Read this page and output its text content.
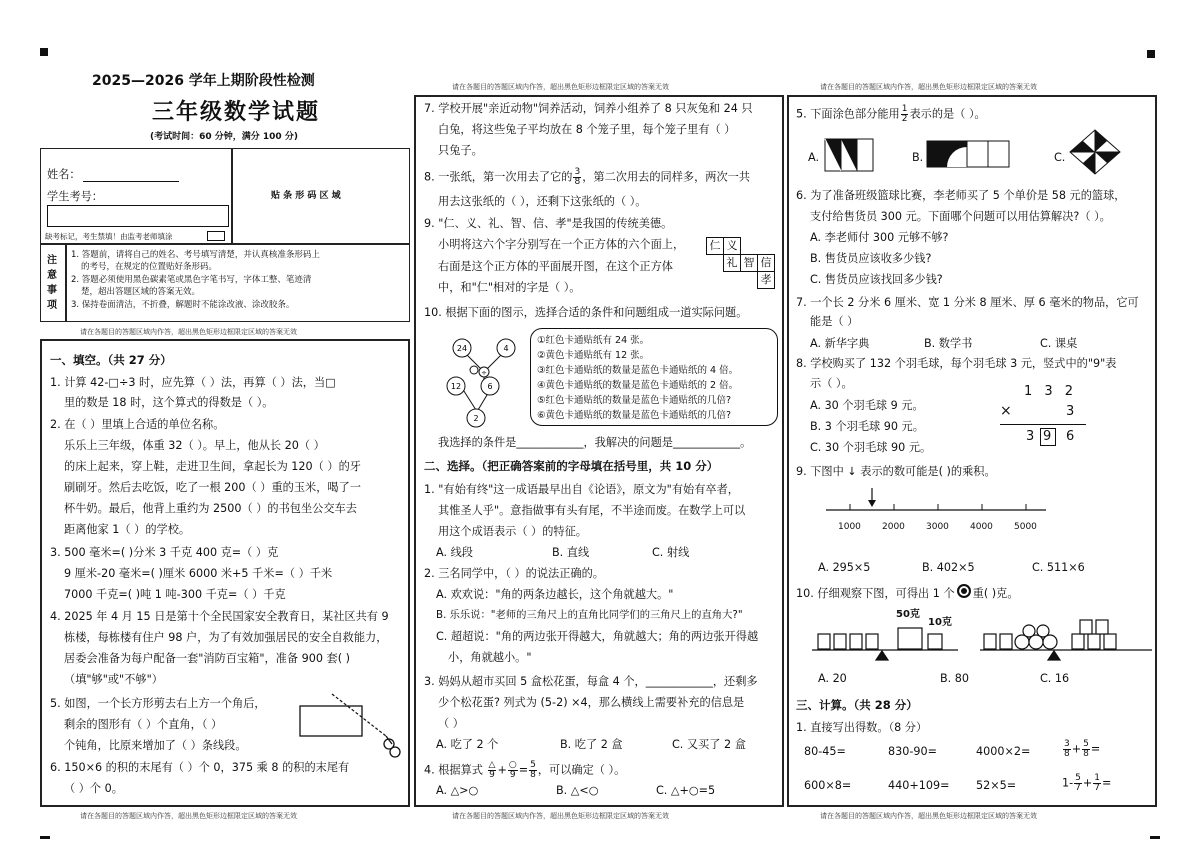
2025—2026 学年上期阶段性检测
三年级数学试题
(考试时间：60 分钟，满分 100 分)
姓名：
学生考号：
缺考标记，考生禁填！由监考老师填涂
贴 条 形 码 区 域
注意事项
1. 答题前，请将自己的姓名、考号填写清楚，并认真核准条形码上
的考号，在规定的位置贴好条形码。
2. 答题必须使用黑色碳素笔或黑色字笔书写，字体工整、笔迹清
楚，超出答题区域的答案无效。
3. 保持卷面清洁，不折叠，解题时不能涂改液、涂改胶条。
请在各题目的答题区域内作答，超出黑色矩形边框限定区域的答案无效
一、填空。（共 27 分）
1. 计算 42-□÷3 时，应先算（ ）法，再算（ ）法，当□
里的数是 18 时，这个算式的得数是（ ）。
2. 在（ ）里填上合适的单位名称。
乐乐上三年级，体重 32（ ）。早上，他从长 20（ ）
的床上起来，穿上鞋，走进卫生间，拿起长为 120（ ）的牙
刷刷牙。然后去吃饭，吃了一根 200（ ）重的玉米，喝了一
杯牛奶。最后，他背上重约为 2500（ ）的书包坐公交车去
距离他家 1（ ）的学校。
3. 500 毫米=( )分米 3 千克 400 克=（ ）克
9 厘米-20 毫米=( )厘米 6000 米+5 千米=（ ）千米
7000 千克=( )吨 1 吨-300 千克=（ ）千克
4. 2025 年 4 月 15 日是第十个全民国家安全教育日，某社区共有 9
栋楼，每栋楼有住户 98 户，为了有效加强居民的安全自救能力，
居委会准备为每户配备一套"消防百宝箱"，准备 900 套( )
（填"够"或"不够"）
5. 如图，一个长方形剪去右上方一个角后，
剩余的图形有（ ）个直角，（ ）
个钝角，比原来增加了（ ）条线段。
6. 150×6 的积的末尾有（ ）个 0，375 乘 8 的积的末尾有
（ ）个 0。
请在各题目的答题区域内作答，超出黑色矩形边框限定区域的答案无效
请在各题目的答题区域内作答，超出黑色矩形边框限定区域的答案无效
7. 学校开展"亲近动物"饲养活动，饲养小组养了 8 只灰兔和 24 只
白兔，将这些兔子平均放在 8 个笼子里，每个笼子里有（ ）
只兔子。
8. 一张纸，第一次用去了它的 $\frac{3}{8}$ ，第二次用去的同样多，两次一共
用去这张纸的（ ），还剩下这张纸的（ ）。
9. "仁、义、礼、智、信、孝"是我国的传统美德。
小明将这六个字分别写在一个正方体的六个面上，
右面是这个正方体的平面展开图，在这个正方体
中，和"仁"相对的字是（ ）。
仁 义
礼 智 信
孝
10. 根据下面的图示，选择合适的条件和问题组成一道实际问题。
24	4
12	6
2
÷
①红色卡通贴纸有 24 张。
②黄色卡通贴纸有 12 张。
③红色卡通贴纸的数量是蓝色卡通贴纸的 4 倍。
④黄色卡通贴纸的数量是蓝色卡通贴纸的 2 倍。
⑤红色卡通贴纸的数量是蓝色卡通贴纸的几倍?
⑥黄色卡通贴纸的数量是蓝色卡通贴纸的几倍?
我选择的条件是____________，我解决的问题是____________。
二、选择。（把正确答案前的字母填在括号里，共 10 分）
1. "有始有终"这一成语最早出自《论语》，原文为"有始有卒者，
其惟圣人乎"。意指做事有头有尾，不半途而废。在数学上可以
用这个成语表示（ ）的特征。
A. 线段	B. 直线	C. 射线
2. 三名同学中，（ ）的说法正确的。
A. 欢欢说："角的两条边越长，这个角就越大。"
B. 乐乐说："老师的三角尺上的直角比同学们的三角尺上的直角大?"
C. 超超说："角的两边张开得越大，角就越大；角的两边张开得越
小，角就越小。"
3. 妈妈从超市买回 5 盒松花蛋，每盒 4 个，____________，还剩多
少个松花蛋? 列式为 (5-2) ×4，那么横线上需要补充的信息是
（ ）
A. 吃了 2 个	B. 吃了 2 盒	C. 又买了 2 盒
4. 根据算式 $\frac{\triangle}{9} + \frac{○}{9} = \frac{5}{8}$ ，可以确定（ ）。
A. △>○	B. △<○	C. △+○=5
请在各题目的答题区域内作答，超出黑色矩形边框限定区域的答案无效
请在各题目的答题区域内作答，超出黑色矩形边框限定区域的答案无效
5. 下面涂色部分能用 $\frac{1}{2}$ 表示的是（ ）。
A.	B.	C.
6. 为了准备班级篮球比赛，李老师买了 5 个单价是 58 元的篮球，
支付给售货员 300 元。下面哪个问题可以用估算解决?（ ）。
A. 李老师付 300 元够不够?
B. 售货员应该收多少钱?
C. 售货员应该找回多少钱?
7. 一个长 2 分米 6 厘米、宽 1 分米 8 厘米、厚 6 毫米的物品，它可
能是（ ）
A. 新华字典	B. 数学书	C. 课桌
8. 学校购买了 132 个羽毛球，每个羽毛球 3 元，竖式中的"9"表
示（ ）。
A. 30 个羽毛球 9 元。
B. 3 个羽毛球 90 元。
C. 30 个羽毛球 90 元。
1 3 2
×	3
3 9 6
9. 下图中 ↓ 表示的数可能是( )的乘积。
1000 2000 3000 4000 5000
A. 295×5	B. 402×5	C. 511×6
10. 仔细观察下图，可得出 1 个 重( )克。
50克
10克
A. 20	B. 80	C. 16
三、计算。（共 28 分）
1. 直接写出得数。（8 分）
80-45=	830-90=	4000×2=	$\frac{3}{8} + \frac{5}{8}$ =
600×8=	440+109= 52×5=	$1- \frac{5}{7} + \frac{1}{7}$ =
请在各题目的答题区域内作答，超出黑色矩形边框限定区域的答案无效
